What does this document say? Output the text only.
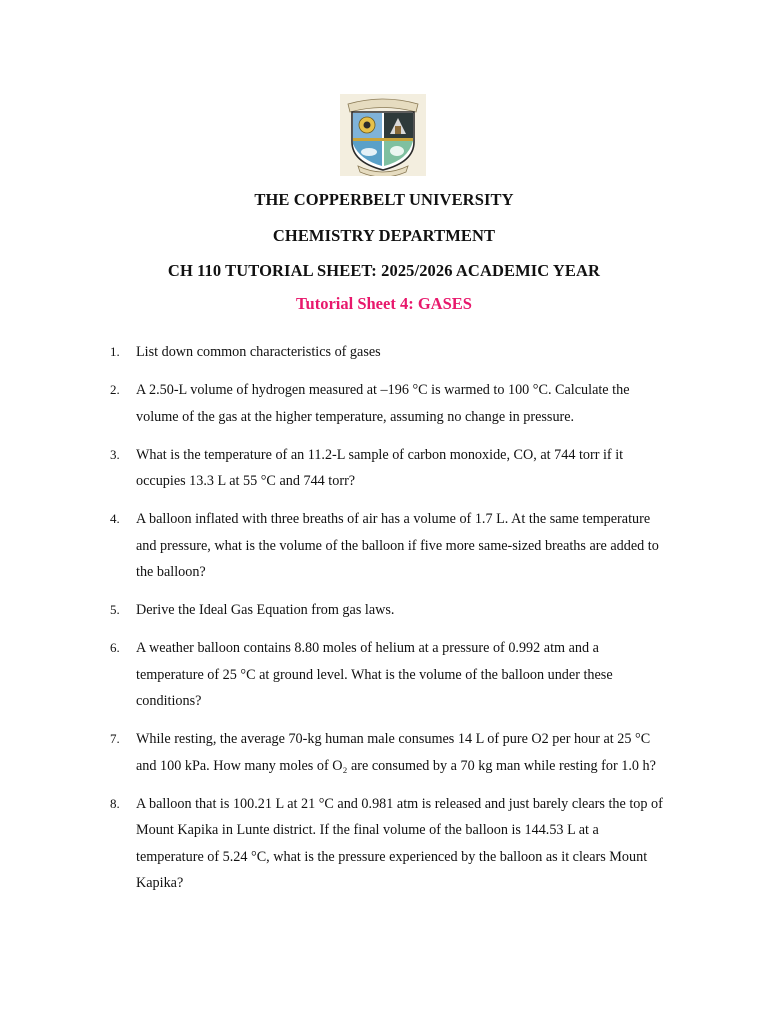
THE COPPERBELT UNIVERSITY
CHEMISTRY DEPARTMENT
CH 110 TUTORIAL SHEET: 2025/2026 ACADEMIC YEAR
Tutorial Sheet 4: GASES
1. List down common characteristics of gases
2. A 2.50-L volume of hydrogen measured at –196 °C is warmed to 100 °C. Calculate the volume of the gas at the higher temperature, assuming no change in pressure.
3. What is the temperature of an 11.2-L sample of carbon monoxide, CO, at 744 torr if it occupies 13.3 L at 55 °C and 744 torr?
4. A balloon inflated with three breaths of air has a volume of 1.7 L. At the same temperature and pressure, what is the volume of the balloon if five more same-sized breaths are added to the balloon?
5. Derive the Ideal Gas Equation from gas laws.
6. A weather balloon contains 8.80 moles of helium at a pressure of 0.992 atm and a temperature of 25 °C at ground level. What is the volume of the balloon under these conditions?
7. While resting, the average 70-kg human male consumes 14 L of pure O2 per hour at 25 °C and 100 kPa. How many moles of O₂ are consumed by a 70 kg man while resting for 1.0 h?
8. A balloon that is 100.21 L at 21 °C and 0.981 atm is released and just barely clears the top of Mount Kapika in Lunte district. If the final volume of the balloon is 144.53 L at a temperature of 5.24 °C, what is the pressure experienced by the balloon as it clears Mount Kapika?
